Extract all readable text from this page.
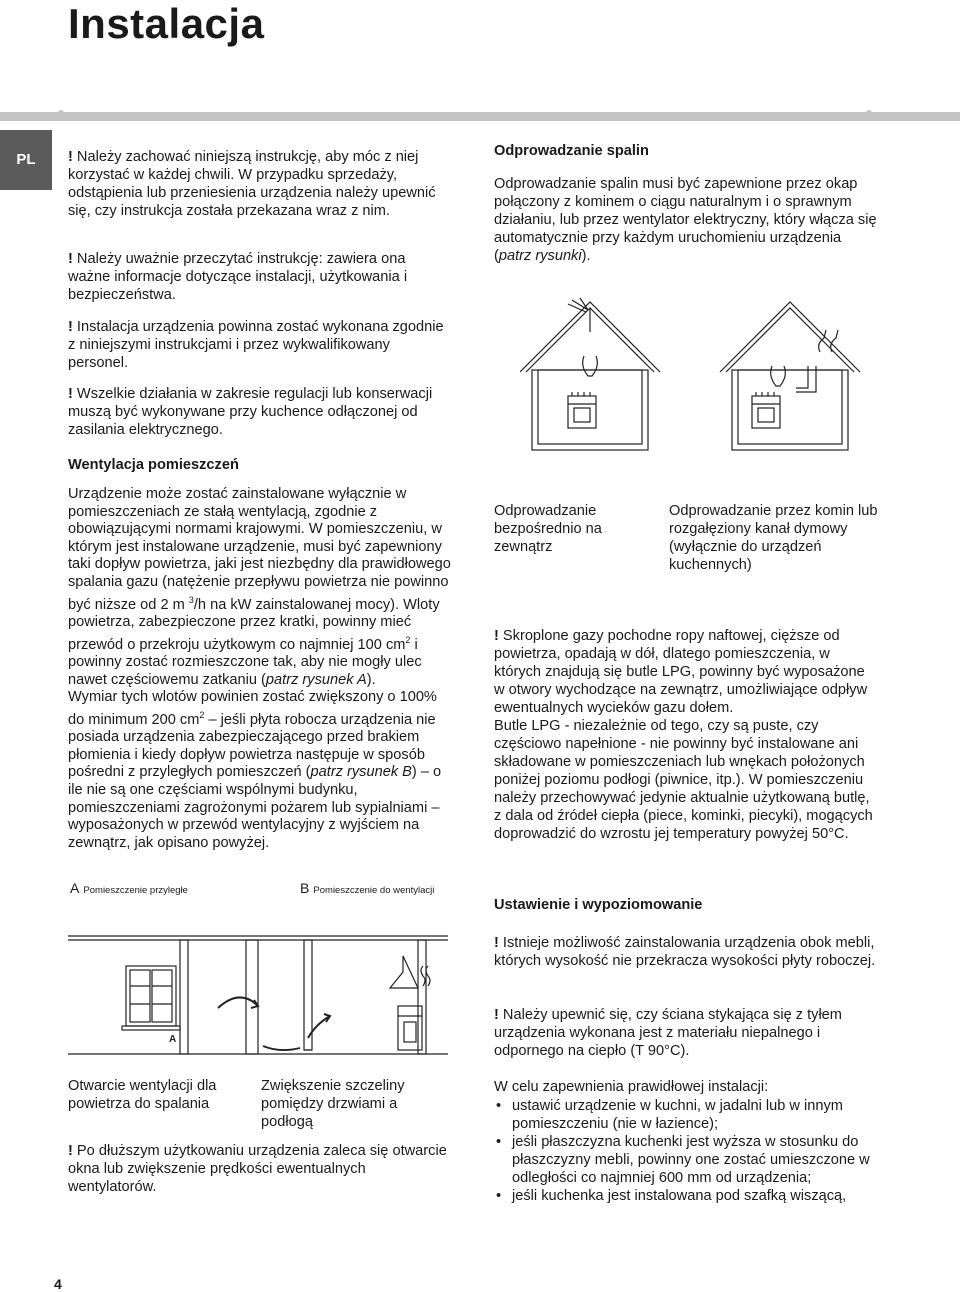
Instalacja
PL	! Należy zachować niniejszą instrukcję, aby móc z niej korzystać w każdej chwili. W przypadku sprzedaży, odstąpienia lub przeniesienia urządzenia należy upewnić się, czy instrukcja została przekazana wraz z nim.

! Należy uważnie przeczytać instrukcję: zawiera ona ważne informacje dotyczące instalacji, użytkowania i bezpieczeństwa.

! Instalacja urządzenia powinna zostać wykonana zgodnie z niniejszymi instrukcjami i przez wykwalifikowany personel.

! Wszelkie działania w zakresie regulacji lub konserwacji muszą być wykonywane przy kuchence odłączonej od zasilania elektrycznego.

Wentylacja pomieszczeń

Urządzenie może zostać zainstalowane wyłącznie w pomieszczeniach ze stałą wentylacją, zgodnie z obowiązującymi normami krajowymi. W pomieszczeniu, w którym jest instalowane urządzenie, musi być zapewniony taki dopływ powietrza, jaki jest niezbędny dla prawidłowego spalania gazu (natężenie przepływu powietrza nie powinno być niższe od 2 m $^3$/h na kW zainstalowanej mocy). Wloty powietrza, zabezpieczone przez kratki, powinny mieć przewód o przekroju użytkowym co najmniej 100 $cm^2$ i powinny zostać rozmieszczone tak, aby nie mogły ulec nawet częściowemu zatkaniu (patrz rysunek A).
Wymiar tych wlotów powinien zostać zwiększony o 100% do minimum 200 $cm^2$ – jeśli płyta robocza urządzenia nie posiada urządzenia zabezpieczającego przed brakiem płomienia i kiedy dopływ powietrza następuje w sposób pośredni z przyległych pomieszczeń (patrz rysunek B) – o ile nie są one częściami wspólnymi budynku, pomieszczeniami zagrożonymi pożarem lub sypialniami – wyposażonych w przewód wentylacyjny z wyjściem na zewnątrz, jak opisano powyżej.

A Pomieszczenie przyległe	B Pomieszczenie do wentylacji
A

Otwarcie wentylacji dla powietrza do spalania

Zwiększenie szczeliny pomiędzy drzwiami a podłogą

! Po dłuższym użytkowaniu urządzenia zaleca się otwarcie okna lub zwiększenie prędkości ewentualnych wentylatorów.

Odprowadzanie spalin

Odprowadzanie spalin musi być zapewnione przez okap połączony z kominem o ciągu naturalnym i o sprawnym działaniu, lub przez wentylator elektryczny, który włącza się automatycznie przy każdym uruchomieniu urządzenia (patrz rysunki).

Odprowadzanie bezpośrednio na zewnątrz

Odprowadzanie przez komin lub rozgałęziony kanał dymowy (wyłącznie do urządzeń kuchennych)

! Skroplone gazy pochodne ropy naftowej, cięższe od powietrza, opadają w dół, dlatego pomieszczenia, w których znajdują się butle LPG, powinny być wyposażone w otwory wychodzące na zewnątrz, umożliwiające odpływ ewentualnych wycieków gazu dołem.
Butle LPG - niezależnie od tego, czy są puste, czy częściowo napełnione - nie powinny być instalowane ani składowane w pomieszczeniach lub wnękach położonych poniżej poziomu podłogi (piwnice, itp.). W pomieszczeniu należy przechowywać jedynie aktualnie użytkowaną butlę, z dala od źródeł ciepła (piece, kominki, piecyki), mogących doprowadzić do wzrostu jej temperatury powyżej 50°C.

Ustawienie i wypoziomowanie

! Istnieje możliwość zainstalowania urządzenia obok mebli, których wysokość nie przekracza wysokości płyty roboczej.

! Należy upewnić się, czy ściana stykająca się z tyłem urządzenia wykonana jest z materiału niepalnego i odpornego na ciepło (T 90°C).

W celu zapewnienia prawidłowej instalacji:

• ustawić urządzenie w kuchni, w jadalni lub w innym pomieszczeniu (nie w łazience);
• jeśli płaszczyzna kuchenki jest wyższa w stosunku do płaszczyzny mebli, powinny one zostać umieszczone w odległości co najmniej 600 mm od urządzenia;
• jeśli kuchenka jest instalowana pod szafką wiszącą,
4
